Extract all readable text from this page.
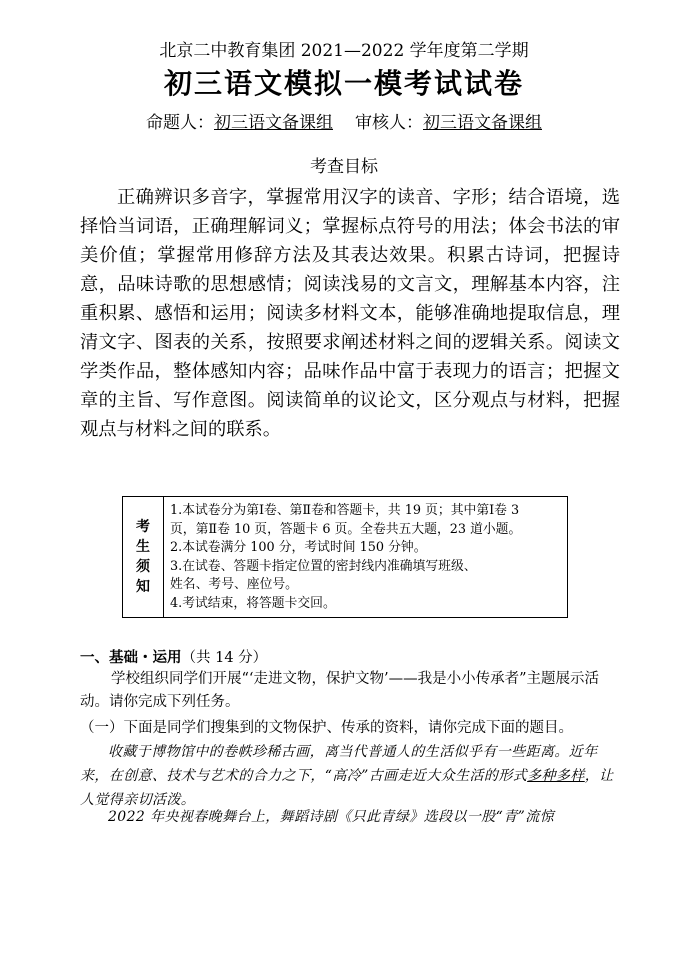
北京二中教育集团 2021—2022 学年度第二学期
初三语文模拟一模考试试卷
命题人：初三语文备课组 审核人：初三语文备课组
考查目标
正确辨识多音字，掌握常用汉字的读音、字形；结合语境，选择恰当词语，正确理解词义；掌握标点符号的用法；体会书法的审美价值；掌握常用修辞方法及其表达效果。积累古诗词，把握诗意，品味诗歌的思想感情；阅读浅易的文言文，理解基本内容，注重积累、感悟和运用；阅读多材料文本，能够准确地提取信息，理清文字、图表的关系，按照要求阐述材料之间的逻辑关系。阅读文学类作品，整体感知内容；品味作品中富于表现力的语言；把握文章的主旨、写作意图。阅读简单的议论文，区分观点与材料，把握观点与材料之间的联系。
考
生
须
知
1.本试卷分为第Ⅰ卷、第Ⅱ卷和答题卡，共 19 页；其中第Ⅰ卷 3
页，第Ⅱ卷 10 页，答题卡 6 页。全卷共五大题，23 道小题。
2.本试卷满分 100 分，考试时间 150 分钟。
3.在试卷、答题卡指定位置的密封线内准确填写班级、
姓名、考号、座位号。
4.考试结束，将答题卡交回。
一、基础・运用（共 14 分）
学校组织同学们开展“‘走进文物，保护文物’——我是小小传承者”主题展示活动。请你完成下列任务。
（一）下面是同学们搜集到的文物保护、传承的资料，请你完成下面的题目。
收藏于博物馆中的卷帙珍稀古画，离当代普通人的生活似乎有一些距离。近年来，在创意、技术与艺术的合力之下，“高冷”古画走近大众生活的形式多种多样，让人觉得亲切活泼。
2022 年央视春晚舞台上，舞蹈诗剧《只此青绿》选段以一股“青”流惊
